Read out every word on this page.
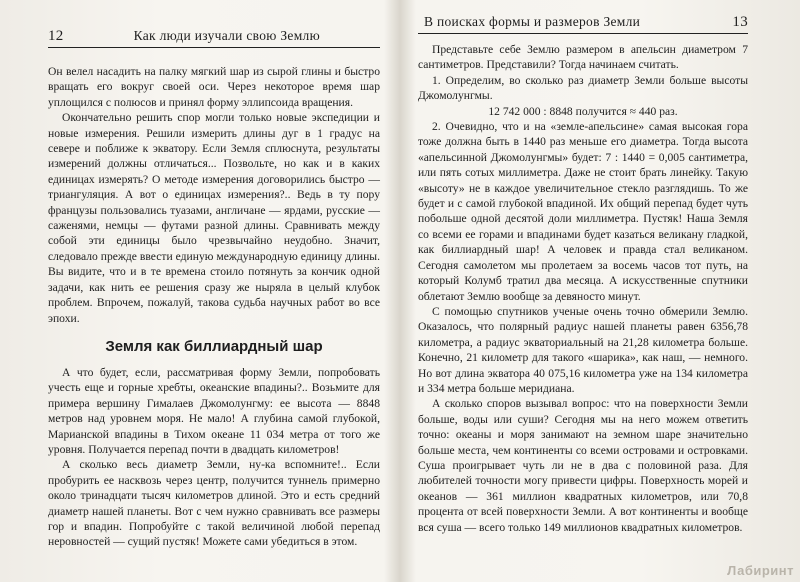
12	Как люди изучали свою Землю

Он велел насадить на палку мягкий шар из сырой глины и быстро вращать его вокруг своей оси. Через некоторое время шар уплощился с полюсов и принял форму эллипсоида вращения.

Окончательно решить спор могли только новые экспедиции и новые измерения. Решили измерить длины дуг в 1 градус на севере и поближе к экватору. Если Земля сплюснута, результаты измерений должны отличаться... Позвольте, но как и в каких единицах измерять? О методе измерения договорились быстро — триангуляция. А вот о единицах измерения?.. Ведь в ту пору французы пользовались туазами, англичане — ярдами, русские — саженями, немцы — футами разной длины. Сравнивать между собой эти единицы было чрезвычайно неудобно. Значит, следовало прежде ввести единую международную единицу длины. Вы видите, что и в те времена стоило потянуть за кончик одной задачи, как нить ее решения сразу же ныряла в целый клубок проблем. Впрочем, пожалуй, такова судьба научных работ во все эпохи.

Земля как биллиардный шар

А что будет, если, рассматривая форму Земли, попробовать учесть еще и горные хребты, океанские впадины?.. Возьмите для примера вершину Гималаев Джомолунгму: ее высота — 8848 метров над уровнем моря. Не мало! А глубина самой глубокой, Марианской впадины в Тихом океане 11 034 метра от того же уровня. Получается перепад почти в двадцать километров!

А сколько весь диаметр Земли, ну-ка вспомните!.. Если пробурить ее насквозь через центр, получится туннель примерно около тринадцати тысяч километров длиной. Это и есть средний диаметр нашей планеты. Вот с чем нужно сравнивать все размеры гор и впадин. Попробуйте с такой величиной любой перепад неровностей — сущий пустяк! Можете сами убедиться в этом.

В поисках формы и размеров Земли	13

Представьте себе Землю размером в апельсин диаметром 7 сантиметров. Представили? Тогда начинаем считать.

1. Определим, во сколько раз диаметр Земли больше высоты Джомолунгмы.

12 742 000 : 8848 получится ≈ 440 раз.

2. Очевидно, что и на «земле-апельсине» самая высокая гора тоже должна быть в 1440 раз меньше его диаметра. Тогда высота «апельсинной Джомолунгмы» будет: 7 : 1440 = 0,005 сантиметра, или пять сотых миллиметра. Даже не стоит брать линейку. Такую «высоту» не в каждое увеличительное стекло разглядишь. То же будет и с самой глубокой впадиной. Их общий перепад будет чуть побольше одной десятой доли миллиметра. Пустяк! Наша Земля со всеми ее горами и впадинами будет казаться великану гладкой, как биллиардный шар! А человек и правда стал великаном. Сегодня самолетом мы пролетаем за восемь часов тот путь, на который Колумб тратил два месяца. А искусственные спутники облетают Землю вообще за девяносто минут.

С помощью спутников ученые очень точно обмерили Землю. Оказалось, что полярный радиус нашей планеты равен 6356,78 километра, а радиус экваториальный на 21,28 километра больше. Конечно, 21 километр для такого «шарика», как наш, — немного. Но вот длина экватора 40 075,16 километра уже на 134 километра и 334 метра больше меридиана.

А сколько споров вызывал вопрос: что на поверхности Земли больше, воды или суши? Сегодня мы на него можем ответить точно: океаны и моря занимают на земном шаре значительно больше места, чем континенты со всеми островами и островками. Суша проигрывает чуть ли не в два с половиной раза. Для любителей точности могу привести цифры. Поверхность морей и океанов — 361 миллион квадратных километров, или 70,8 процента от всей поверхности Земли. А вот континенты и вообще вся суша — всего только 149 миллионов квадратных километров.

Лабиринт
